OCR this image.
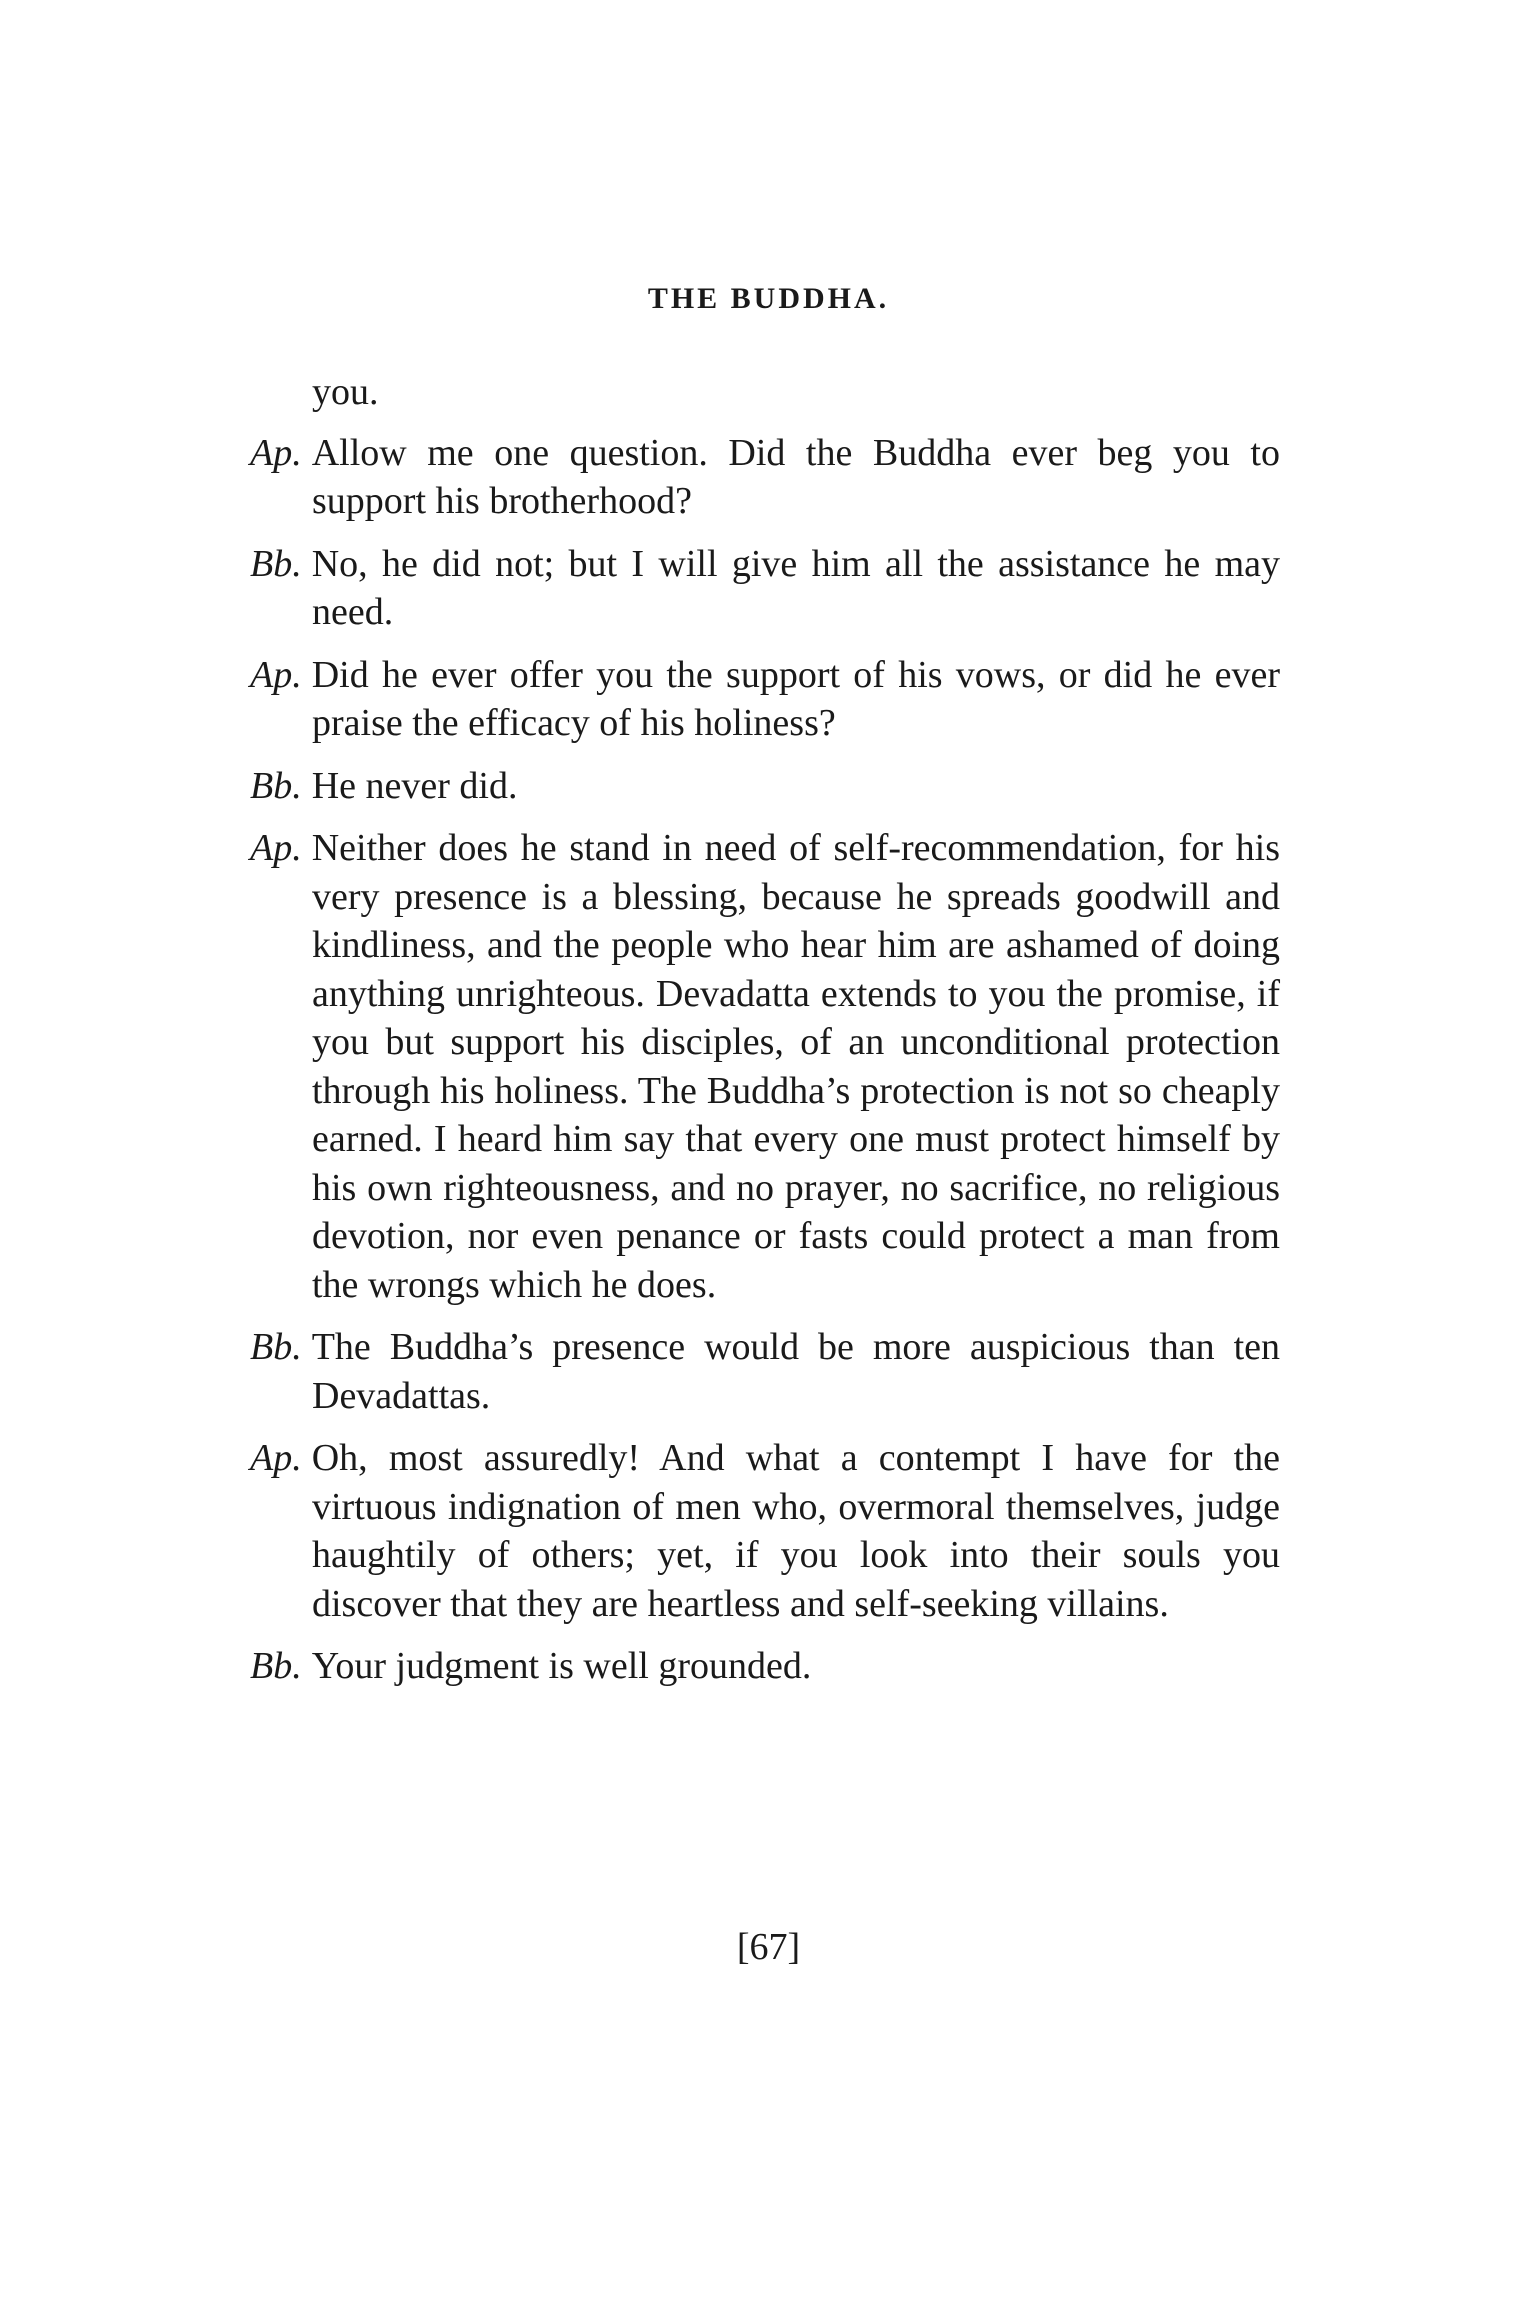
THE BUDDHA.

you.

Ap. Allow me one question. Did the Buddha ever beg you to support his brotherhood?

Bb. No, he did not; but I will give him all the assistance he may need.

Ap. Did he ever offer you the support of his vows, or did he ever praise the efficacy of his holiness?

Bb. He never did.

Ap. Neither does he stand in need of self-recommendation, for his very presence is a blessing, because he spreads goodwill and kindliness, and the people who hear him are ashamed of doing anything unrighteous. Devadatta extends to you the promise, if you but support his disciples, of an unconditional protection through his holiness. The Buddha’s protection is not so cheaply earned. I heard him say that every one must protect himself by his own righteousness, and no prayer, no sacrifice, no religious devotion, nor even penance or fasts could protect a man from the wrongs which he does.

Bb. The Buddha’s presence would be more auspicious than ten Devadattas.

Ap. Oh, most assuredly! And what a contempt I have for the virtuous indignation of men who, overmoral themselves, judge haughtily of others; yet, if you look into their souls you discover that they are heartless and self-seeking villains.

Bb. Your judgment is well grounded.

[67]
